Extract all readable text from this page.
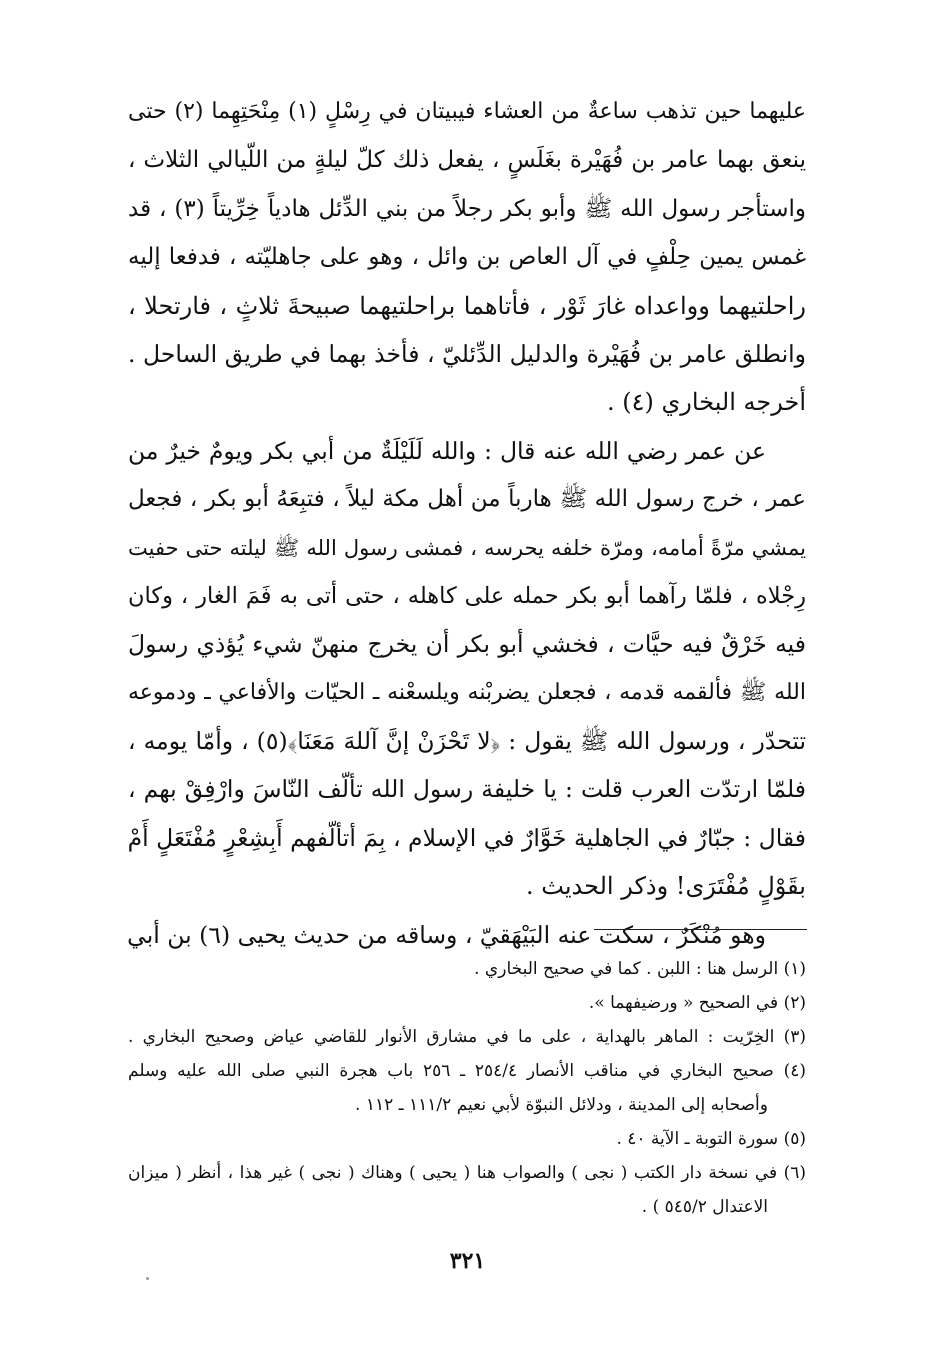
عليهما حين تذهب ساعةٌ من العشاء فيبيتان في رِسْلٍ (١) مِنْحَتِهِما (٢) حتى
ينعق بهما عامر بن فُهَيْرة بغَلَسٍ ، يفعل ذلك كلّ ليلةٍ من اللّيالي الثلاث ،
واستأجر رسول الله ﷺ وأبو بكر رجلاً من بني الدِّئل هادياً خِرِّيتاً (٣) ، قد
غمس يمين حِلْفٍ في آل العاص بن وائل ، وهو على جاهليّته ، فدفعا إليه
راحلتيهما وواعداه غارَ ثَوْر ، فأتاهما براحلتيهما صبيحةَ ثلاثٍ ، فارتحلا ،
وانطلق عامر بن فُهَيْرة والدليل الدِّئليّ ، فأخذ بهما في طريق الساحل .
أخرجه البخاري (٤) .
عن عمر رضي الله عنه قال : والله لَلَيْلَةٌ من أبي بكر ويومٌ خيرٌ من
عمر ، خرج رسول الله ﷺ هارباً من أهل مكة ليلاً ، فتبِعَهُ أبو بكر ، فجعل
يمشي مرّةً أمامه، ومرّة خلفه يحرسه ، فمشى رسول الله ﷺ ليلته حتى حفيت
رِجْلاه ، فلمّا رآهما أبو بكر حمله على كاهله ، حتى أتى به فَمَ الغار ، وكان
فيه خَرْقٌ فيه حيَّات ، فخشي أبو بكر أن يخرج منهنّ شيء يُؤذي رسولَ
الله ﷺ فألقمه قدمه ، فجعلن يضربْنه ويلسعْنه ـ الحيّات والأفاعي ـ ودموعه
تتحدّر ، ورسول الله ﷺ يقول : ﴿لا تَحْزَنْ إنَّ آللهَ مَعَنَا﴾(٥) ، وأمّا يومه ،
فلمّا ارتدّت العرب قلت : يا خليفة رسول الله تألّف النّاسَ وارْفِقْ بهم ،
فقال : جبّارٌ في الجاهلية خَوَّارٌ في الإسلام ، بِمَ أتألّفهم أَبِشِعْرٍ مُفْتَعَلٍ أَمْ
بقَوْلٍ مُفْتَرَى! وذكر الحديث .
وهو مُنْكَرٌ ، سكت عنه البَيْهَقيّ ، وساقه من حديث يحيى (٦) بن أبي
(١) الرسل هنا : اللبن . كما في صحيح البخاري .
(٢) في الصحيح « ورضيفهما ».
(٣) الخِرّيت : الماهر بالهداية ، على ما في مشارق الأنوار للقاضي عياض وصحيح البخاري .
(٤) صحيح البخاري في مناقب الأنصار ٢٥٤/٤ ـ ٢٥٦ باب هجرة النبي صلى الله عليه وسلم
وأصحابه إلى المدينة ، ودلائل النبوّة لأبي نعيم ١١١/٢ ـ ١١٢ .
(٥) سورة التوبة ـ الآية ٤٠ .
(٦) في نسخة دار الكتب ( نجى ) والصواب هنا ( يحيى ) وهناك ( نجى ) غير هذا ، أنظر ( ميزان
الاعتدال ٥٤٥/٢ ) .
٣٢١
